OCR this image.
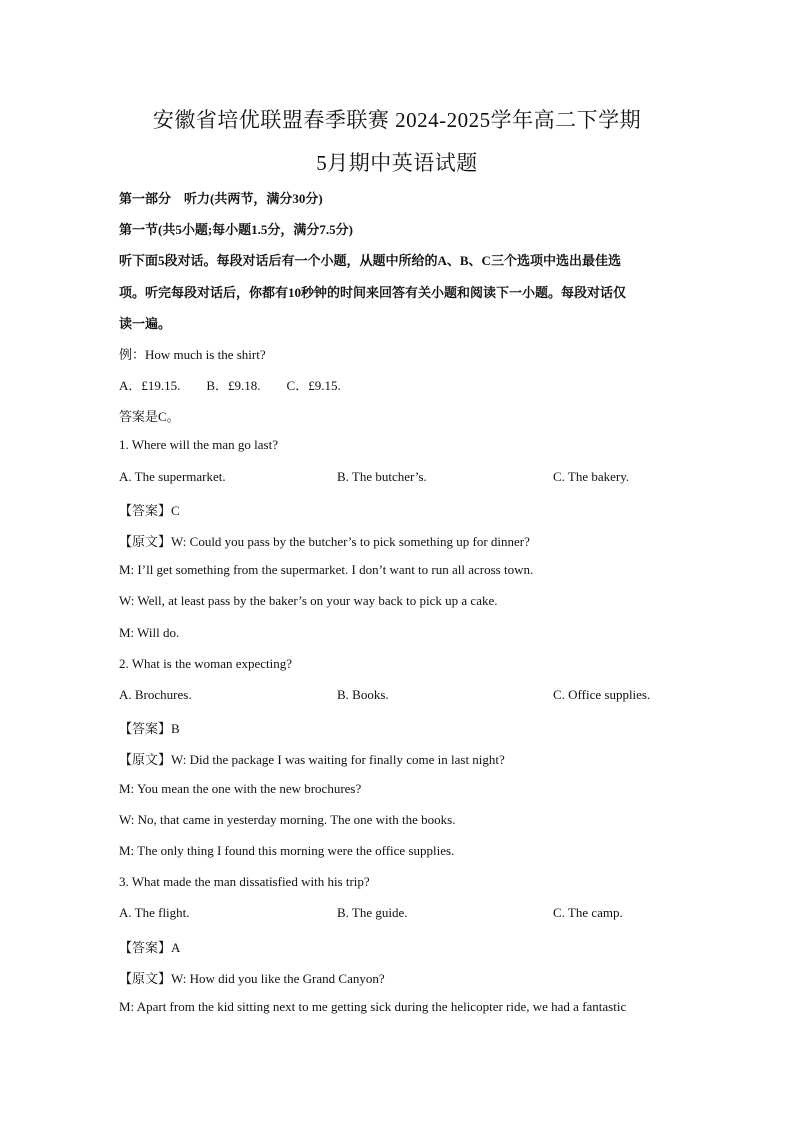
安徽省培优联盟春季联赛 2024-2025学年高二下学期
5月期中英语试题
第一部分　听力(共两节，满分30分)
第一节(共5小题;每小题1.5分，满分7.5分)
听下面5段对话。每段对话后有一个小题，从题中所给的A、B、C三个选项中选出最佳选
项。听完每段对话后，你都有10秒钟的时间来回答有关小题和阅读下一小题。每段对话仅
读一遍。
例：How much is the shirt?
A．£19.15.　　B．£9.18.　　C．£9.15.
答案是C。
1. Where will the man go last?
A. The supermarket.	B. The butcher’s.	C. The bakery.
【答案】C
【原文】W: Could you pass by the butcher’s to pick something up for dinner?
M: I’ll get something from the supermarket. I don’t want to run all across town.
W: Well, at least pass by the baker’s on your way back to pick up a cake.
M: Will do.
2. What is the woman expecting?
A. Brochures.	B. Books.	C. Office supplies.
【答案】B
【原文】W: Did the package I was waiting for finally come in last night?
M: You mean the one with the new brochures?
W: No, that came in yesterday morning. The one with the books.
M: The only thing I found this morning were the office supplies.
3. What made the man dissatisfied with his trip?
A. The flight.	B. The guide.	C. The camp.
【答案】A
【原文】W: How did you like the Grand Canyon?
M: Apart from the kid sitting next to me getting sick during the helicopter ride, we had a fantastic
